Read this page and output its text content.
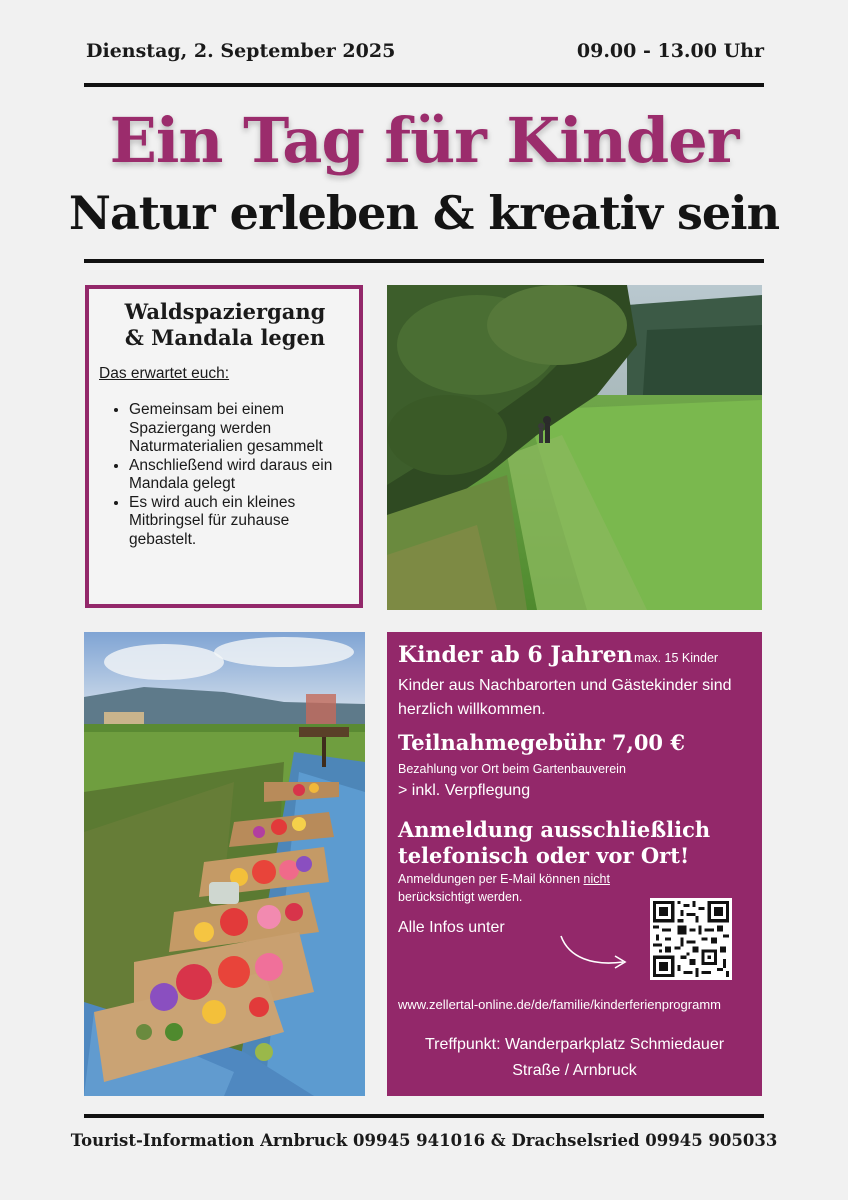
Dienstag, 2. September 2025	09.00 - 13.00 Uhr
Ein Tag für Kinder
Natur erleben & kreativ sein
Waldspaziergang
& Mandala legen
Das erwartet euch:
• Gemeinsam bei einem Spaziergang werden Naturmaterialien gesammelt
• Anschließend wird daraus ein Mandala gelegt
• Es wird auch ein kleines Mitbringsel für zuhause gebastelt.
Kinder ab 6 Jahren max. 15 Kinder
Kinder aus Nachbarorten und Gästekinder sind herzlich willkommen.
Teilnahmegebühr 7,00 €
Bezahlung vor Ort beim Gartenbauverein
> inkl. Verpflegung
Anmeldung ausschließlich telefonisch oder vor Ort!
Anmeldungen per E-Mail können nicht berücksichtigt werden.
Alle Infos unter
www.zellertal-online.de/de/familie/kinderferienprogramm
Treffpunkt: Wanderparkplatz Schmiedauer
Straße / Arnbruck
Tourist-Information Arnbruck 09945 941016 & Drachselsried 09945 905033
